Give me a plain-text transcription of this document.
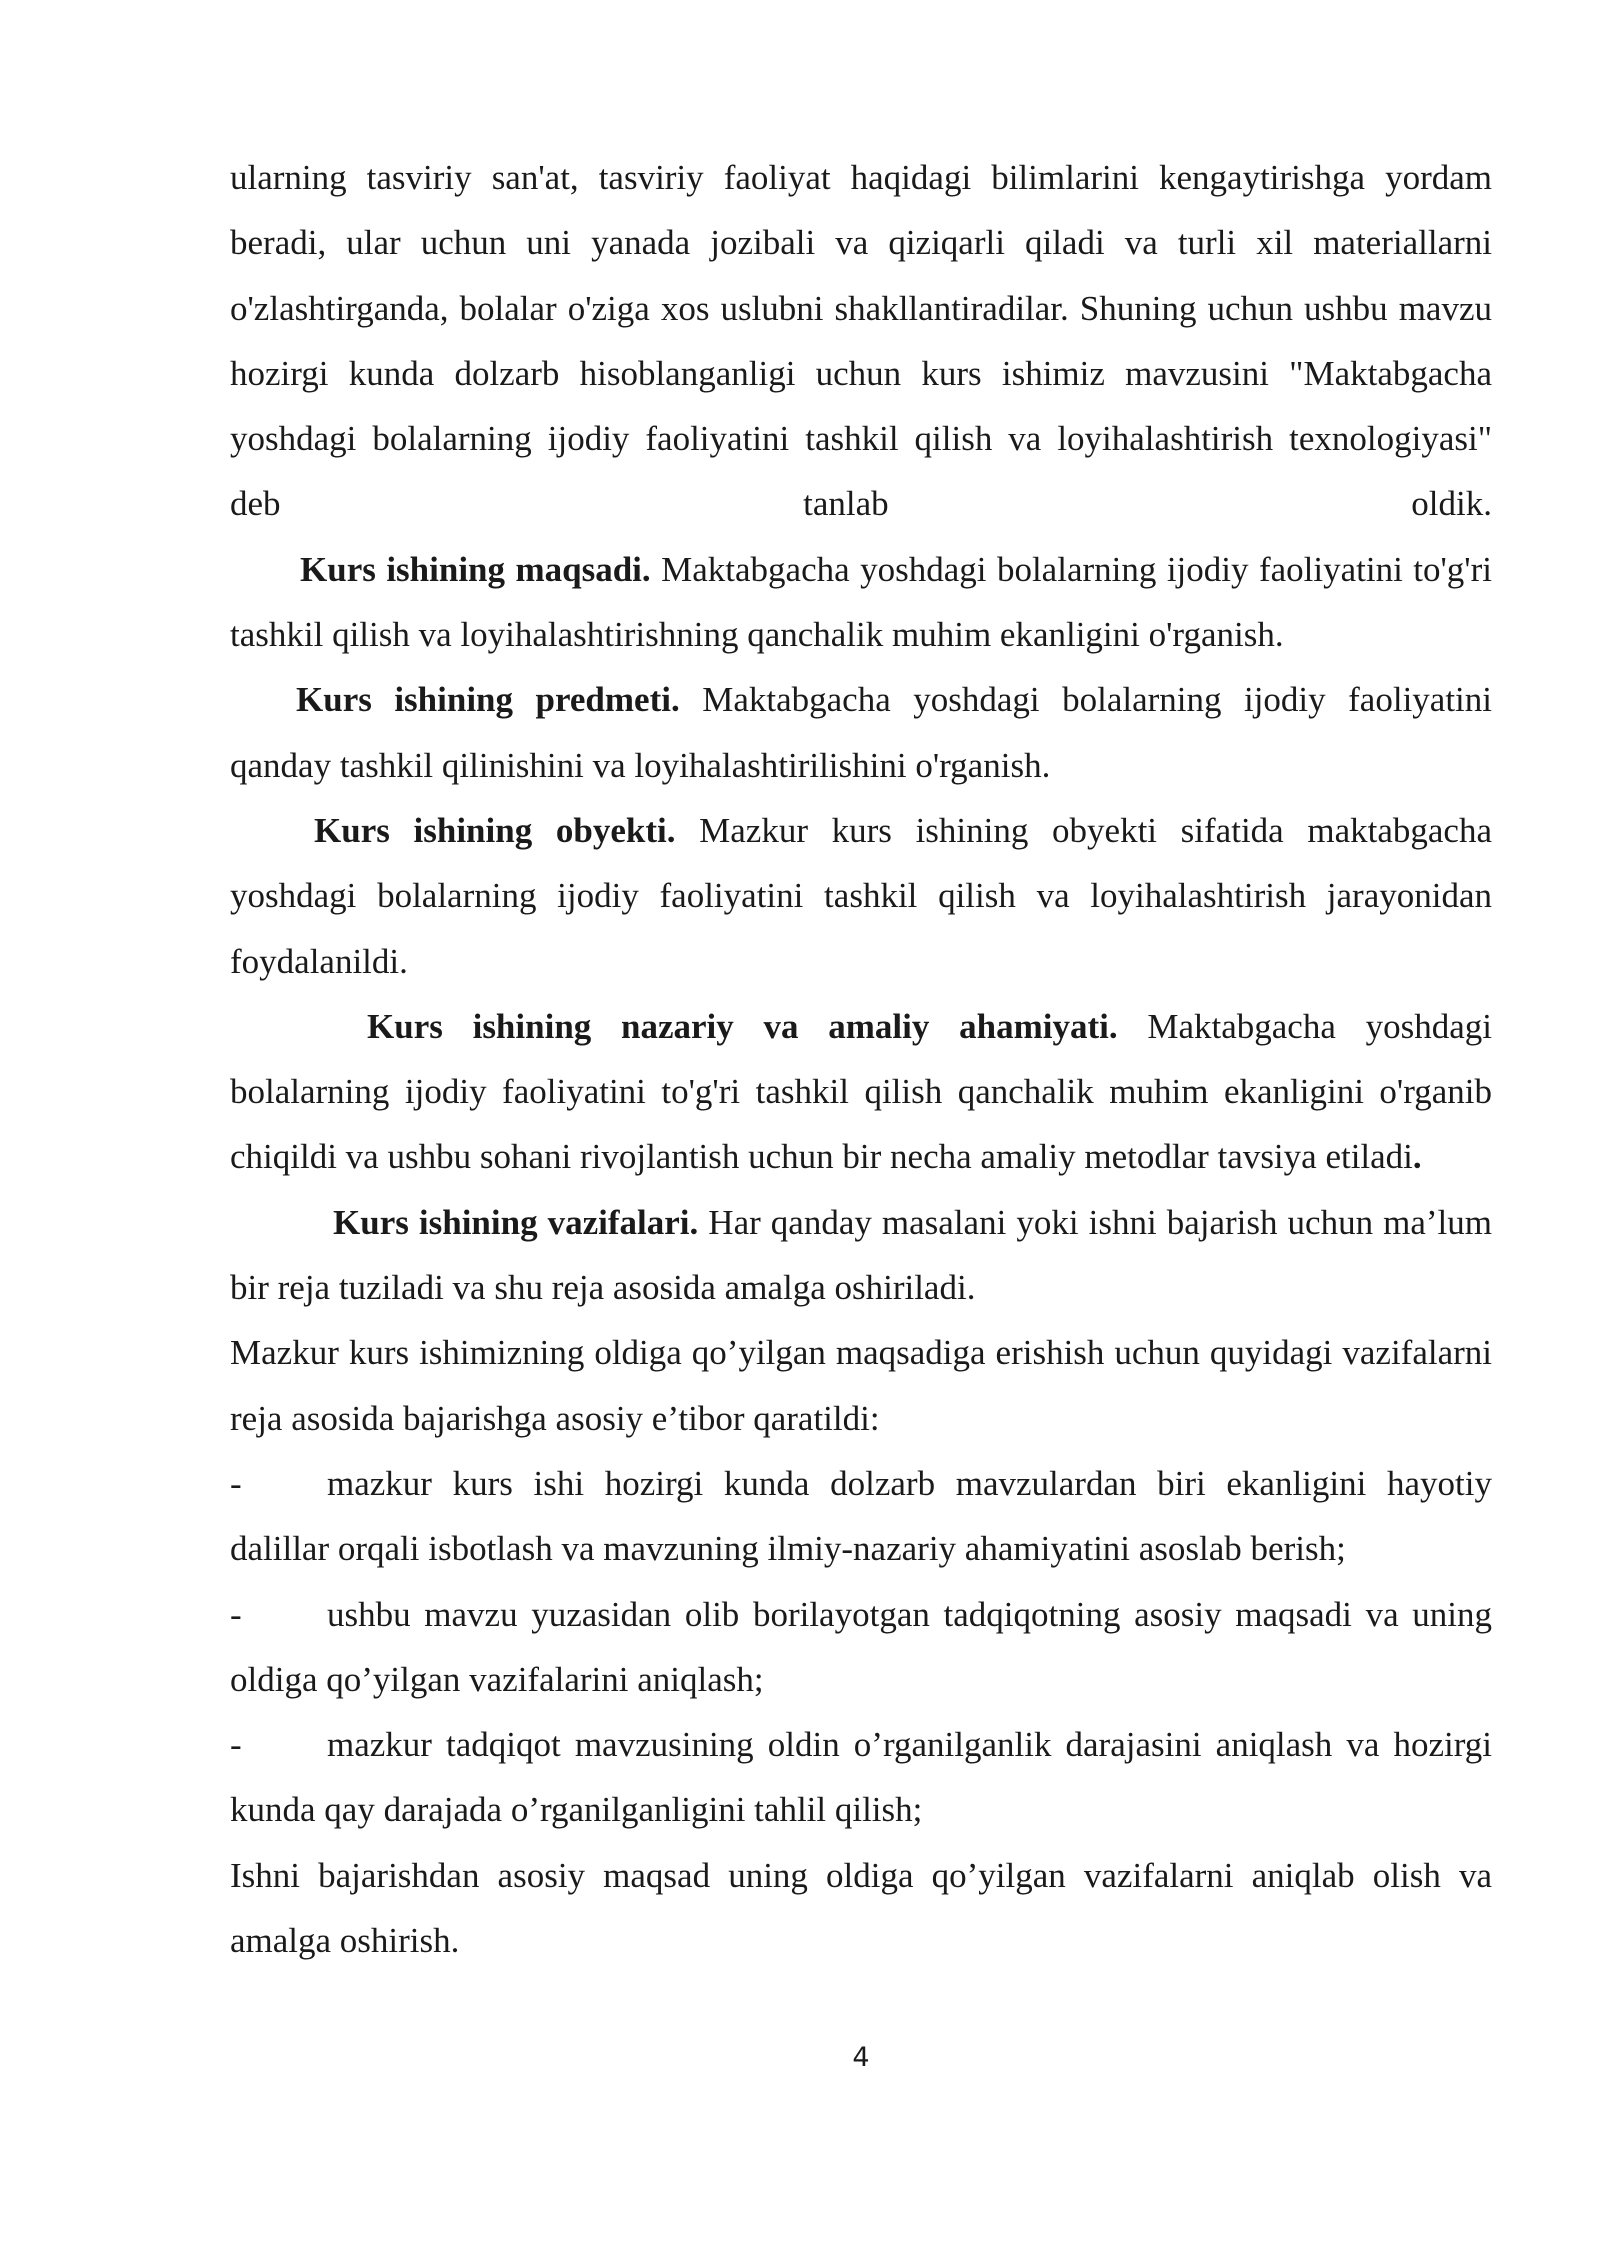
ularning tasviriy san'at, tasviriy faoliyat haqidagi bilimlarini kengaytirishga yordam beradi, ular uchun uni yanada jozibali va qiziqarli qiladi va turli xil materiallarni o'zlashtirganda, bolalar o'ziga xos uslubni shakllantiradilar. Shuning uchun ushbu mavzu hozirgi kunda dolzarb hisoblanganligi uchun kurs ishimiz mavzusini "Maktabgacha yoshdagi bolalarning ijodiy faoliyatini tashkil qilish va loyihalashtirish texnologiyasi" deb tanlab oldik.

Kurs ishining maqsadi. Maktabgacha yoshdagi bolalarning ijodiy faoliyatini to'g'ri tashkil qilish va loyihalashtirishning qanchalik muhim ekanligini o'rganish.

Kurs ishining predmeti. Maktabgacha yoshdagi bolalarning ijodiy faoliyatini qanday tashkil qilinishini va loyihalashtirilishini o'rganish.

Kurs ishining obyekti. Mazkur kurs ishining obyekti sifatida maktabgacha yoshdagi bolalarning ijodiy faoliyatini tashkil qilish va loyihalashtirish jarayonidan foydalanildi.

Kurs ishining nazariy va amaliy ahamiyati. Maktabgacha yoshdagi bolalarning ijodiy faoliyatini to'g'ri tashkil qilish qanchalik muhim ekanligini o'rganib chiqildi va ushbu sohani rivojlantish uchun bir necha amaliy metodlar tavsiya etiladi.

Kurs ishining vazifalari. Har qanday masalani yoki ishni bajarish uchun ma’lum bir reja tuziladi va shu reja asosida amalga oshiriladi.

Mazkur kurs ishimizning oldiga qo’yilgan maqsadiga erishish uchun quyidagi vazifalarni reja asosida bajarishga asosiy e’tibor qaratildi:

- mazkur kurs ishi hozirgi kunda dolzarb mavzulardan biri ekanligini hayotiy dalillar orqali isbotlash va mavzuning ilmiy-nazariy ahamiyatini asoslab berish;

- ushbu mavzu yuzasidan olib borilayotgan tadqiqotning asosiy maqsadi va uning oldiga qo’yilgan vazifalarini aniqlash;

- mazkur tadqiqot mavzusining oldin o’rganilganlik darajasini aniqlash va hozirgi kunda qay darajada o’rganilganligini tahlil qilish;

Ishni bajarishdan asosiy maqsad uning oldiga qo’yilgan vazifalarni aniqlab olish va amalga oshirish.

4
